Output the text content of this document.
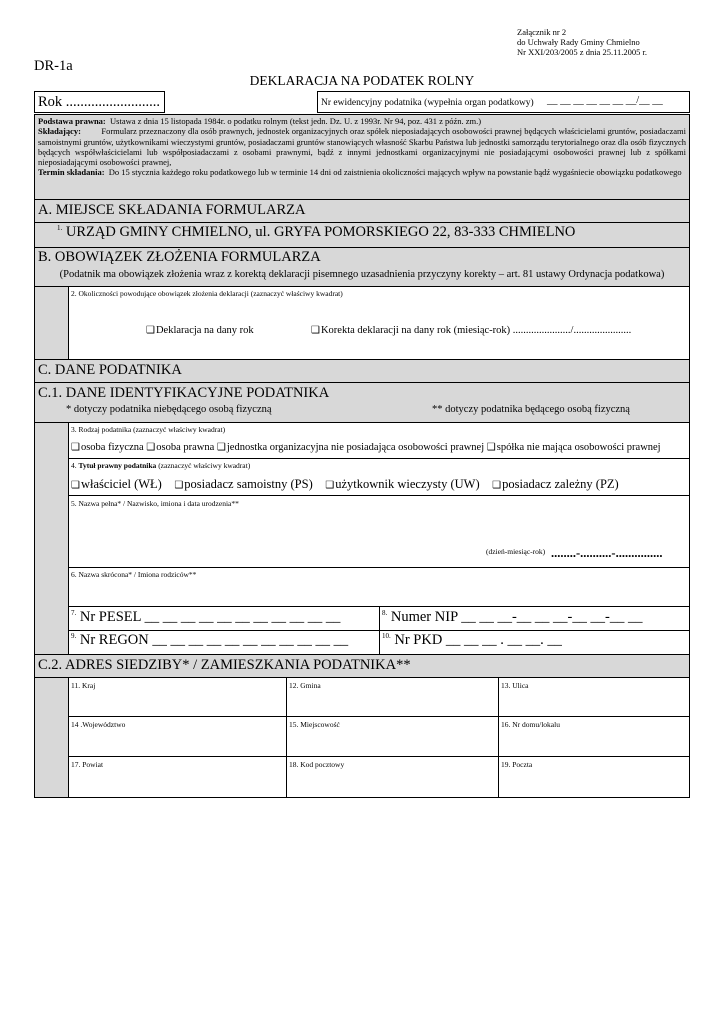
Załącznik nr 2
do Uchwały Rady Gminy Chmielno
Nr XXI/203/2005 z dnia 25.11.2005 r.
DR-1a
DEKLARACJA NA PODATEK ROLNY
Rok ..........................	Nr ewidencyjny podatnika (wypełnia organ podatkowy) __ __ __ __ __ __ __/__ __
Podstawa prawna: Ustawa z dnia 15 listopada 1984r. o podatku rolnym (tekst jedn. Dz. U. z 1993r. Nr 94, poz. 431 z późn. zm.)
Składający: Formularz przeznaczony dla osób prawnych, jednostek organizacyjnych oraz spółek nieposiadających osobowości prawnej będących właścicielami gruntów, posiadaczami samoistnymi gruntów, użytkownikami wieczystymi gruntów, posiadaczami gruntów stanowiących własność Skarbu Państwa lub jednostki samorządu terytorialnego oraz dla osób fizycznych będących współwłaścicielami lub współposiadaczami z osobami prawnymi, bądź z innymi jednostkami organizacyjnymi nie posiadającymi osobowości prawnej lub z spółkami nieposiadającymi osobowości prawnej,
Termin składania: Do 15 stycznia każdego roku podatkowego lub w terminie 14 dni od zaistnienia okoliczności mających wpływ na powstanie bądź wygaśniecie obowiązku podatkowego
A. MIEJSCE SKŁADANIA FORMULARZA
$^{1.}$ URZĄD GMINY CHMIELNO, ul. GRYFA POMORSKIEGO 22, 83-333 CHMIELNO
B. OBOWIĄZEK ZŁOŻENIA FORMULARZA
(Podatnik ma obowiązek złożenia wraz z korektą deklaracji pisemnego uzasadnienia przyczyny korekty – art. 81 ustawy Ordynacja podatkowa)
2. Okoliczności powodujące obowiązek złożenia deklaracji (zaznaczyć właściwy kwadrat)
❑ Deklaracja na dany rok ❑	Korekta deklaracji na dany rok (miesiąc-rok) ....................../......................
C. DANE PODATNIKA
C.1. DANE IDENTYFIKACYJNE PODATNIKA
* dotyczy podatnika niebędącego osobą fizyczną	** dotyczy podatnika będącego osobą fizyczną
3. Rodzaj podatnika (zaznaczyć właściwy kwadrat)
❑ osoba fizyczna ❑ osoba prawna ❑ jednostka organizacyjna nie posiadająca osobowości prawnej ❑ spółka nie mająca osobowości prawnej
4. Tytuł prawny podatnika (zaznaczyć właściwy kwadrat)
❑ właściciel (WŁ) ❑ posiadacz samoistny (PS) ❑ użytkownik wieczysty (UW) ❑ posiadacz zależny (PZ)
5. Nazwa pełna* / Nazwisko, imiona i data urodzenia**
(dzień-miesiąc-rok) ........-..........-...............
6. Nazwa skrócona* / Imiona rodziców**
$^{7.}$ Nr PESEL __ __ __ __ __ __ __ __ __ __ __	$^{8.}$ Numer NIP __ __ __-__ __ __-__ __-__ __
$^{9.}$ Nr REGON __ __ __ __ __ __ __ __ __ __ __	$^{10.}$ Nr PKD __ __ __ . __ __. __
C.2. ADRES SIEDZIBY* / ZAMIESZKANIA PODATNIKA**
11. Kraj	12. Gmina	13. Ulica
14 .Województwo	15. Miejscowość	16. Nr domu/lokalu
17. Powiat	18. Kod pocztowy	19. Poczta
